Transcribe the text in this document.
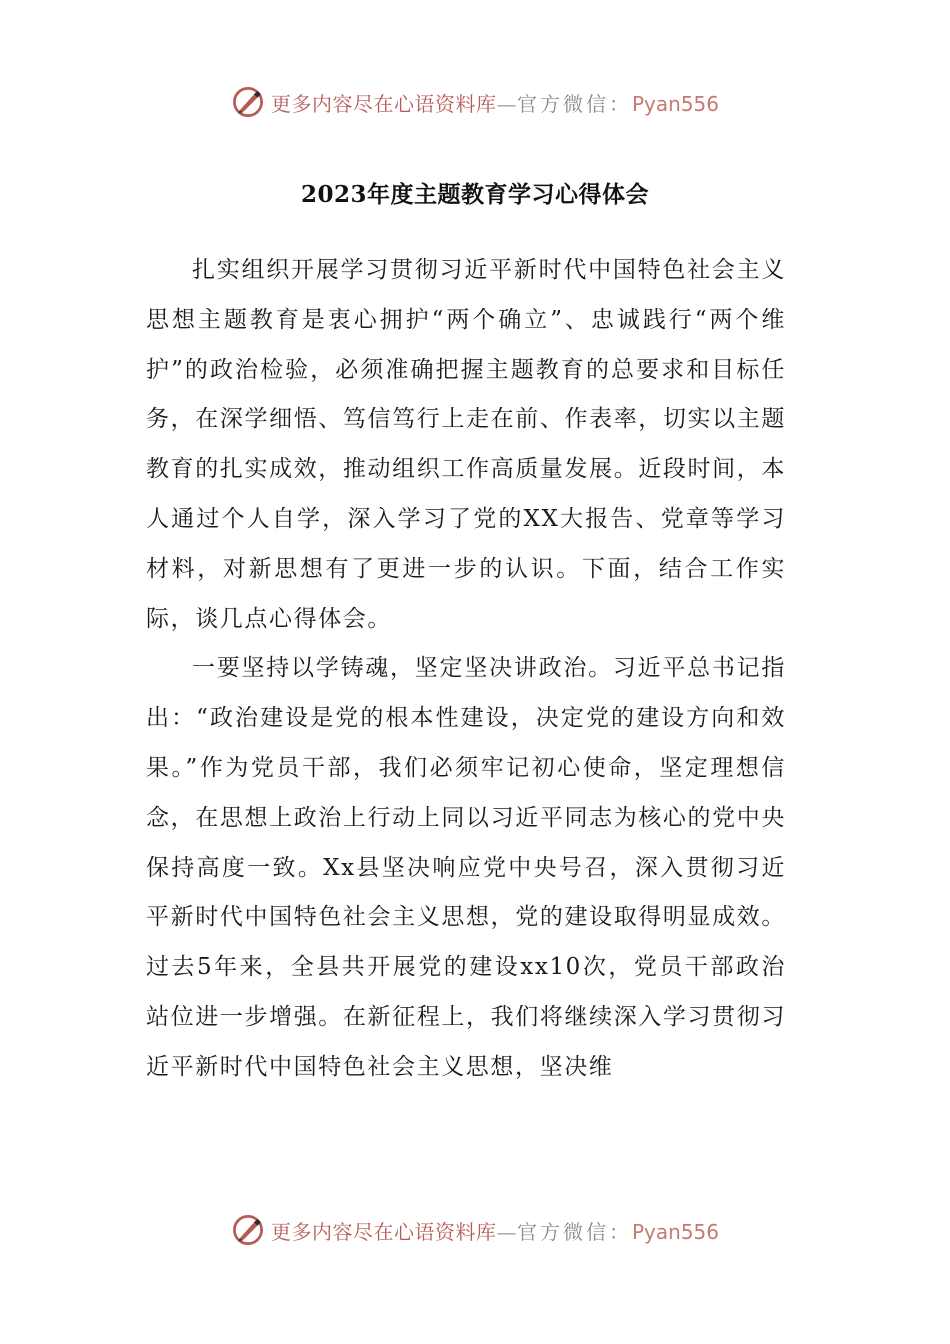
更多内容尽在心语资料库—官方微信：Pyan556
2023年度主题教育学习心得体会

扎实组织开展学习贯彻习近平新时代中国特色社会主义思想主题教育是衷心拥护“两个确立”、忠诚践行“两个维护”的政治检验，必须准确把握主题教育的总要求和目标任务，在深学细悟、笃信笃行上走在前、作表率，切实以主题教育的扎实成效，推动组织工作高质量发展。近段时间，本人通过个人自学，深入学习了党的XX大报告、党章等学习材料，对新思想有了更进一步的认识。下面，结合工作实际，谈几点心得体会。

一要坚持以学铸魂，坚定坚决讲政治。习近平总书记指出：“政治建设是党的根本性建设，决定党的建设方向和效果。”作为党员干部，我们必须牢记初心使命，坚定理想信念，在思想上政治上行动上同以习近平同志为核心的党中央保持高度一致。Xx县坚决响应党中央号召，深入贯彻习近平新时代中国特色社会主义思想，党的建设取得明显成效。过去5年来，全县共开展党的建设xx10次，党员干部政治站位进一步增强。在新征程上，我们将继续深入学习贯彻习近平新时代中国特色社会主义思想，坚决维

更多内容尽在心语资料库—官方微信：Pyan556
